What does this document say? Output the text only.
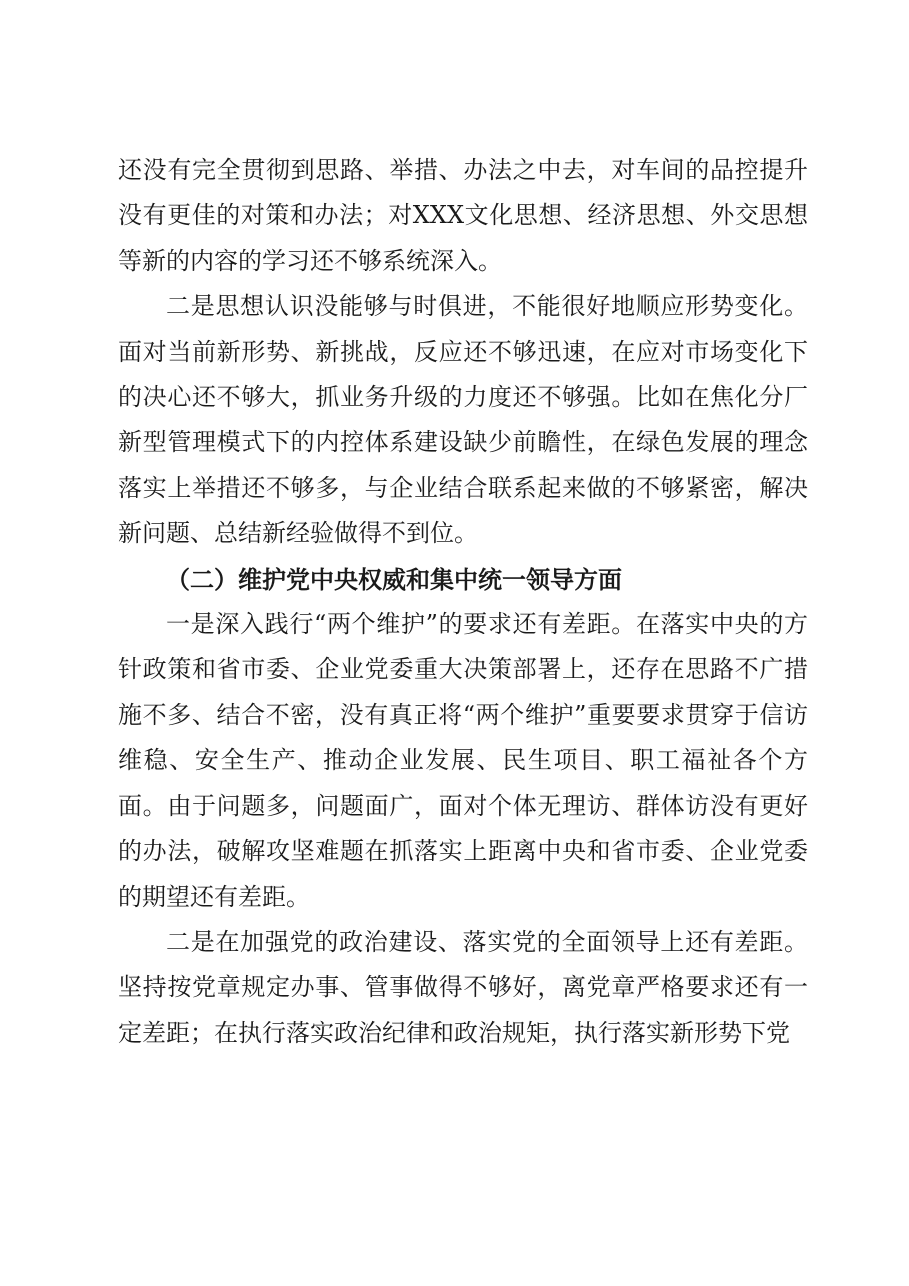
还没有完全贯彻到思路、举措、办法之中去，对车间的品控提升没有更佳的对策和办法；对XXX文化思想、经济思想、外交思想等新的内容的学习还不够系统深入。

二是思想认识没能够与时俱进，不能很好地顺应形势变化。面对当前新形势、新挑战，反应还不够迅速，在应对市场变化下的决心还不够大，抓业务升级的力度还不够强。比如在焦化分厂新型管理模式下的内控体系建设缺少前瞻性，在绿色发展的理念落实上举措还不够多，与企业结合联系起来做的不够紧密，解决新问题、总结新经验做得不到位。

（二）维护党中央权威和集中统一领导方面

一是深入践行“两个维护”的要求还有差距。在落实中央的方针政策和省市委、企业党委重大决策部署上，还存在思路不广措施不多、结合不密，没有真正将“两个维护”重要要求贯穿于信访维稳、安全生产、推动企业发展、民生项目、职工福祉各个方面。由于问题多，问题面广，面对个体无理访、群体访没有更好的办法，破解攻坚难题在抓落实上距离中央和省市委、企业党委的期望还有差距。

二是在加强党的政治建设、落实党的全面领导上还有差距。坚持按党章规定办事、管事做得不够好，离党章严格要求还有一定差距；在执行落实政治纪律和政治规矩，执行落实新形势下党
